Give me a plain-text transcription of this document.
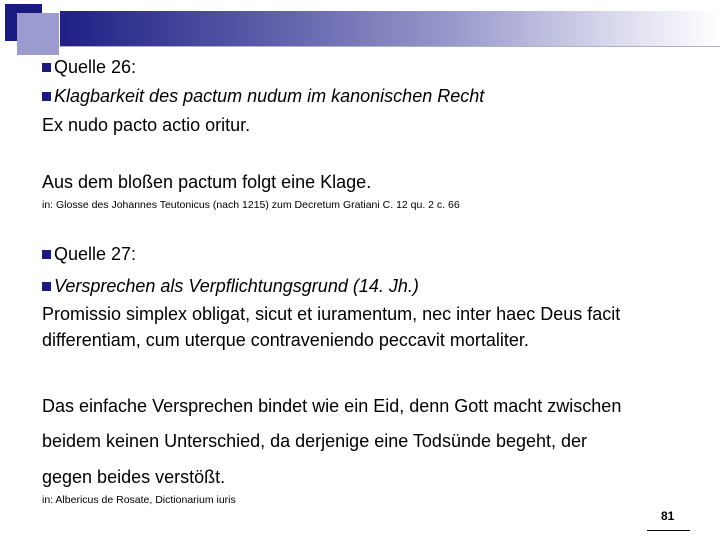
Quelle 26:

Klagbarkeit des pactum nudum im kanonischen Recht

Ex nudo pacto actio oritur.

Aus dem bloßen pactum folgt eine Klage.

in: Glosse des Johannes Teutonicus (nach 1215) zum Decretum Gratiani C. 12 qu. 2 c. 66

Quelle 27:

Versprechen als Verpflichtungsgrund (14. Jh.)

Promissio simplex obligat, sicut et iuramentum, nec inter haec Deus facit

differentiam, cum uterque contraveniendo peccavit mortaliter.

Das einfache Versprechen bindet wie ein Eid, denn Gott macht zwischen

beidem keinen Unterschied, da derjenige eine Todsünde begeht, der

gegen beides verstößt.

in: Albericus de Rosate, Dictionarium iuris

81
